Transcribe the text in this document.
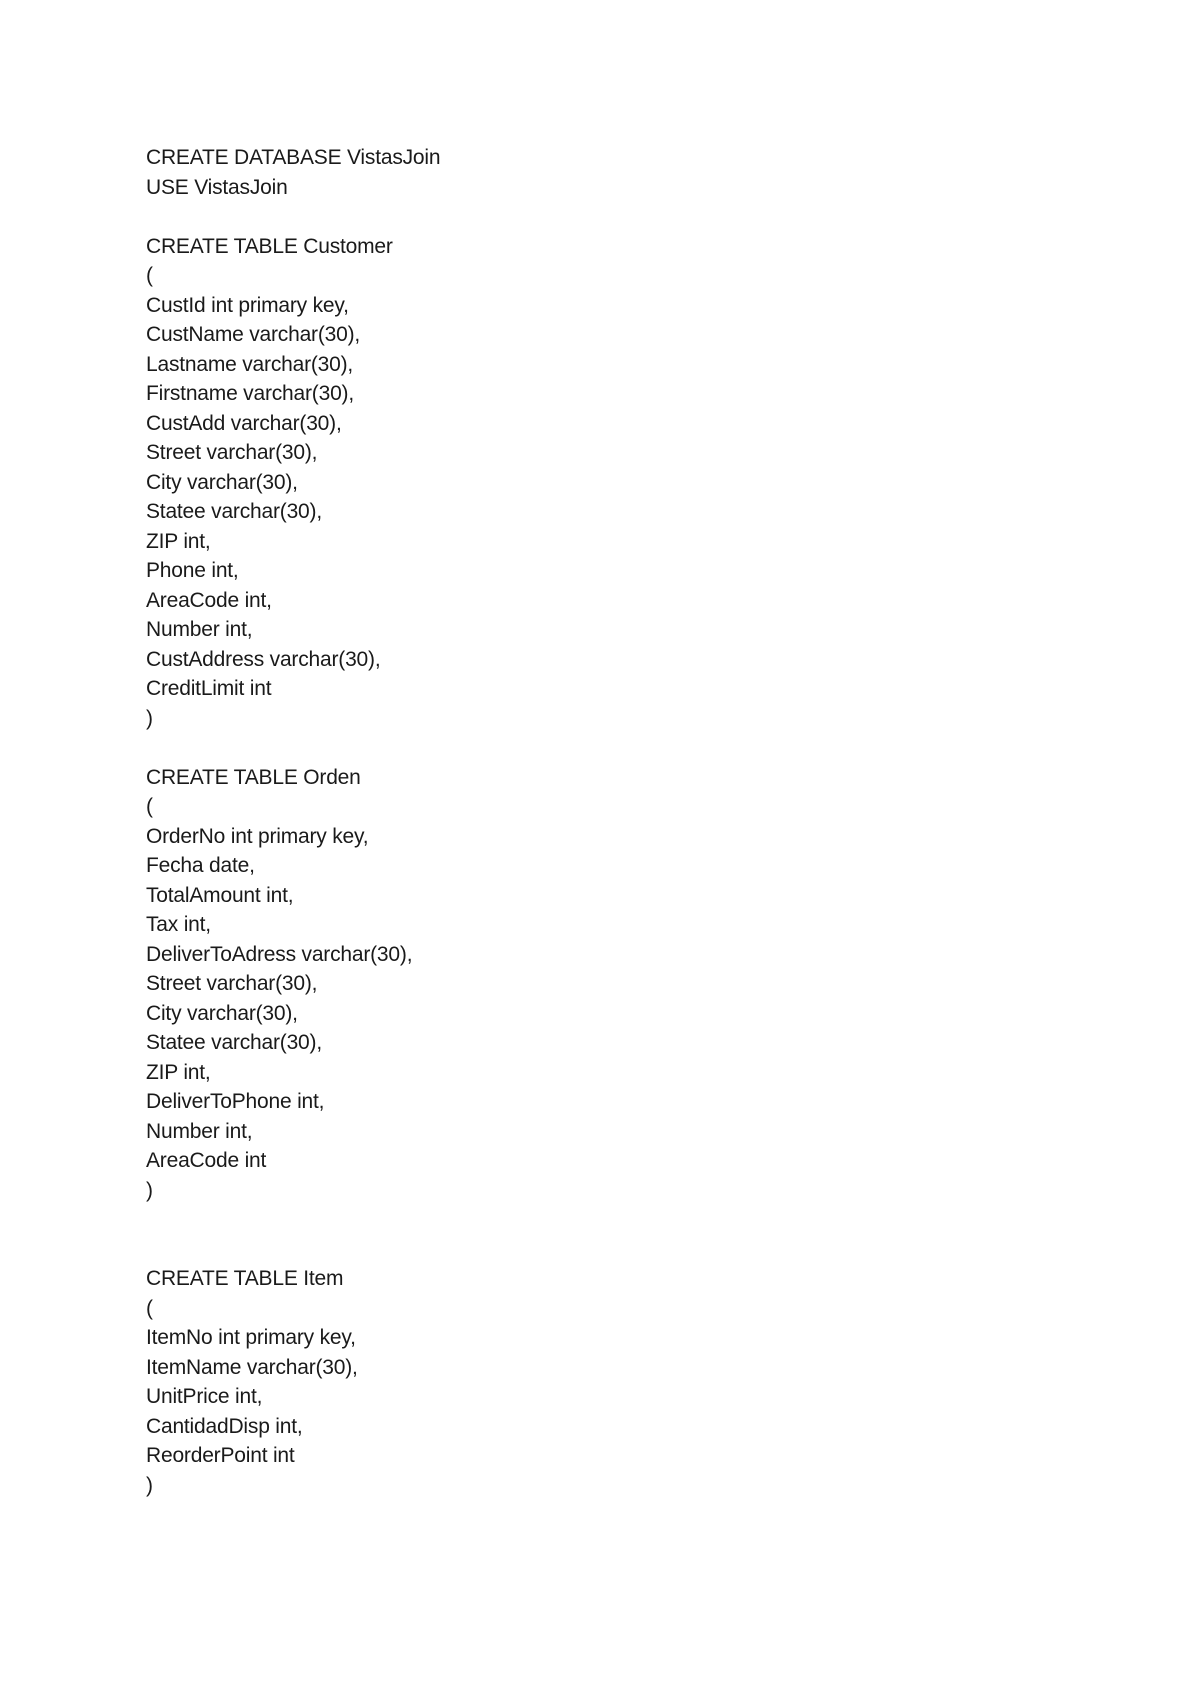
CREATE DATABASE VistasJoin
USE VistasJoin
CREATE TABLE Customer
(
CustId int primary key,
CustName varchar(30),
Lastname varchar(30),
Firstname varchar(30),
CustAdd varchar(30),
Street varchar(30),
City varchar(30),
Statee varchar(30),
ZIP int,
Phone int,
AreaCode int,
Number int,
CustAddress varchar(30),
CreditLimit int
)
CREATE TABLE Orden
(
OrderNo int primary key,
Fecha date,
TotalAmount int,
Tax int,
DeliverToAdress varchar(30),
Street varchar(30),
City varchar(30),
Statee varchar(30),
ZIP int,
DeliverToPhone int,
Number int,
AreaCode int
)
CREATE TABLE Item
(
ItemNo int primary key,
ItemName varchar(30),
UnitPrice int,
CantidadDisp int,
ReorderPoint int
)
